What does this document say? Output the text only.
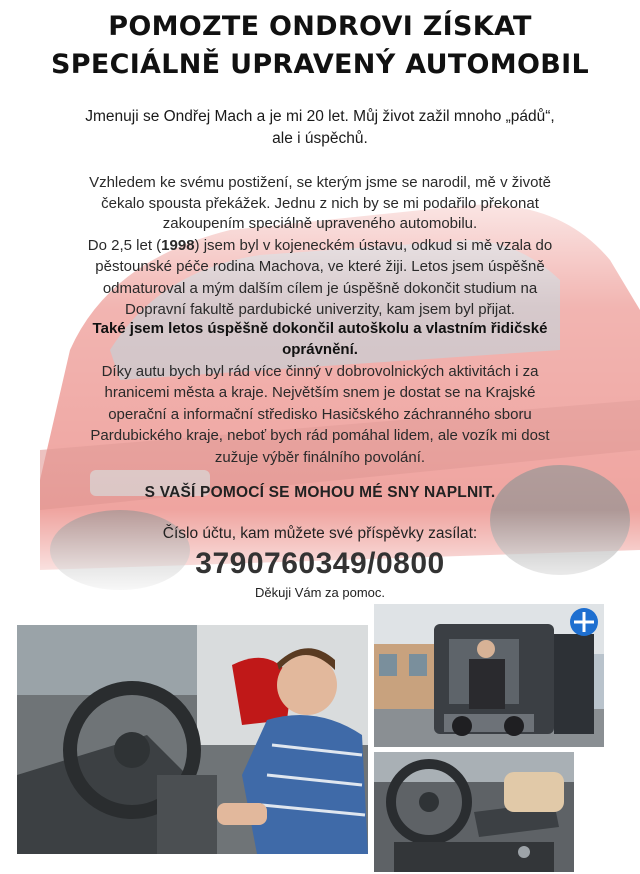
POMOZTE ONDROVI ZÍSKAT
SPECIÁLNĚ UPRAVENÝ AUTOMOBIL
Jmenuji se Ondřej Mach a je mi 20 let. Můj život zažil mnoho „pádů“,
ale i úspěchů.
Vzhledem ke svému postižení, se kterým jsme se narodil, mě v životě
čekalo spousta překážek. Jednu z nich by se mi podařilo překonat
zakoupením speciálně upraveného automobilu.
Do 2,5 let (1998) jsem byl v kojeneckém ústavu, odkud si mě vzala do
pěstounské péče rodina Machova, ve které žiji. Letos jsem úspěšně
odmaturoval a mým dalším cílem je úspěšně dokončit studium na
Dopravní fakultě pardubické univerzity, kam jsem byl přijat.
Také jsem letos úspěšně dokončil autoškolu a vlastním řidičské
oprávnění.
Díky autu bych byl rád více činný v dobrovolnických aktivitách i za
hranicemi města a kraje. Největším snem je dostat se na Krajské
operační a informační středisko Hasičského záchranného sboru
Pardubického kraje, neboť bych rád pomáhal lidem, ale vozík mi dost
zužuje výběr finálního povolání.
S VAŠÍ POMOCÍ SE MOHOU MÉ SNY NAPLNIT.
Číslo účtu, kam můžete své příspěvky zasílat:
3790760349/0800
Děkuji Vám za pomoc.
